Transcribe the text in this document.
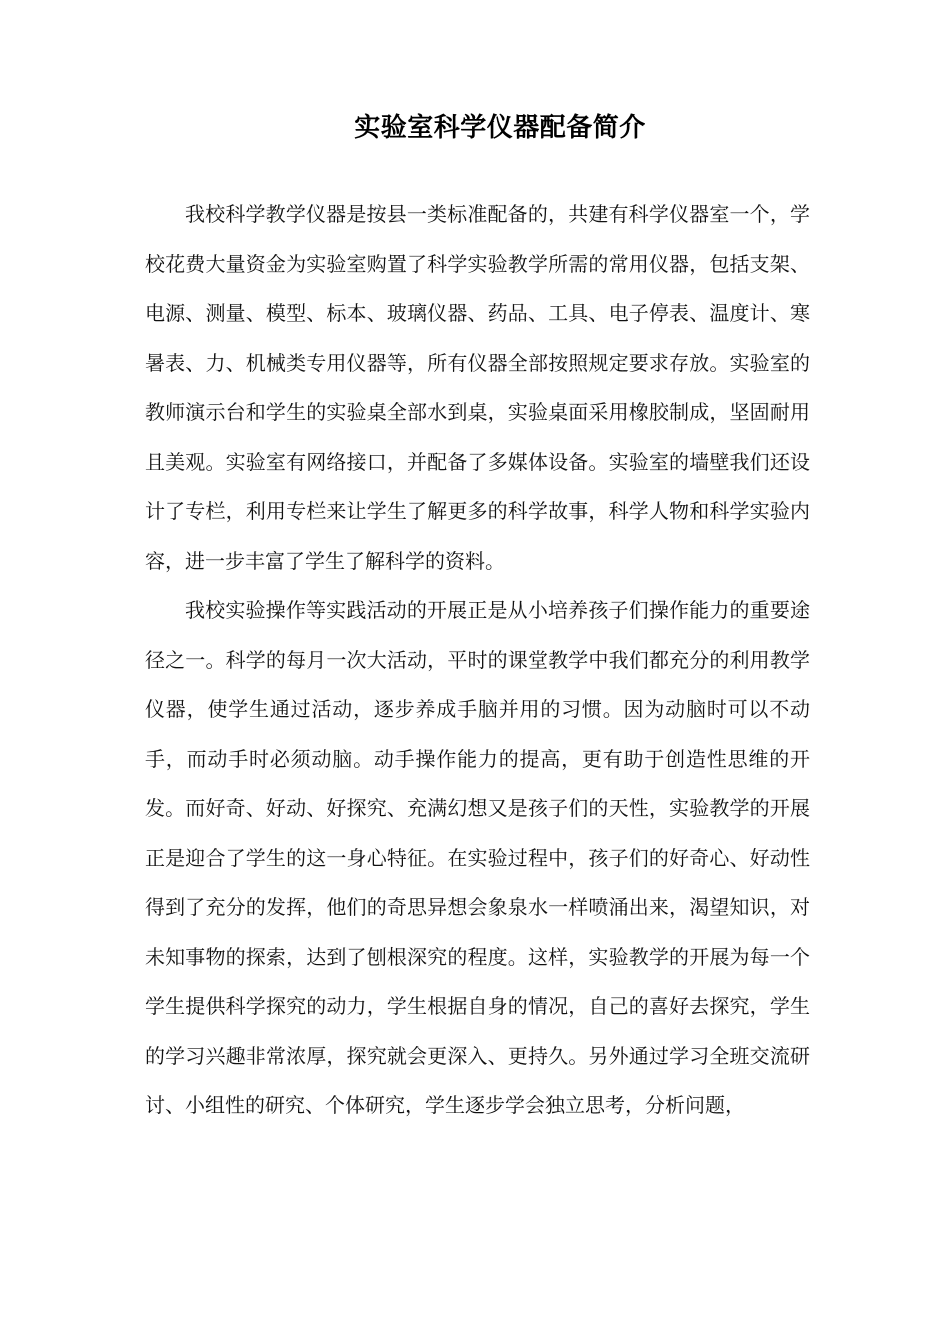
实验室科学仪器配备简介

我校科学教学仪器是按县一类标准配备的，共建有科学仪器室一个，学校花费大量资金为实验室购置了科学实验教学所需的常用仪器，包括支架、电源、测量、模型、标本、玻璃仪器、药品、工具、电子停表、温度计、寒暑表、力、机械类专用仪器等，所有仪器全部按照规定要求存放。实验室的教师演示台和学生的实验桌全部水到桌，实验桌面采用橡胶制成，坚固耐用且美观。实验室有网络接口，并配备了多媒体设备。实验室的墙壁我们还设计了专栏，利用专栏来让学生了解更多的科学故事，科学人物和科学实验内容，进一步丰富了学生了解科学的资料。

我校实验操作等实践活动的开展正是从小培养孩子们操作能力的重要途径之一。科学的每月一次大活动，平时的课堂教学中我们都充分的利用教学仪器，使学生通过活动，逐步养成手脑并用的习惯。因为动脑时可以不动手，而动手时必须动脑。动手操作能力的提高，更有助于创造性思维的开发。而好奇、好动、好探究、充满幻想又是孩子们的天性，实验教学的开展正是迎合了学生的这一身心特征。在实验过程中，孩子们的好奇心、好动性得到了充分的发挥，他们的奇思异想会象泉水一样喷涌出来，渴望知识，对未知事物的探索，达到了刨根深究的程度。这样，实验教学的开展为每一个 学生提供科学探究的动力，学生根据自身的情况，自己的喜好去探究，学生的学习兴趣非常浓厚，探究就会更深入、更持久。另外通过学习全班交流研讨、小组性的研究、个体研究，学生逐步学会独立思考，分析问题，
